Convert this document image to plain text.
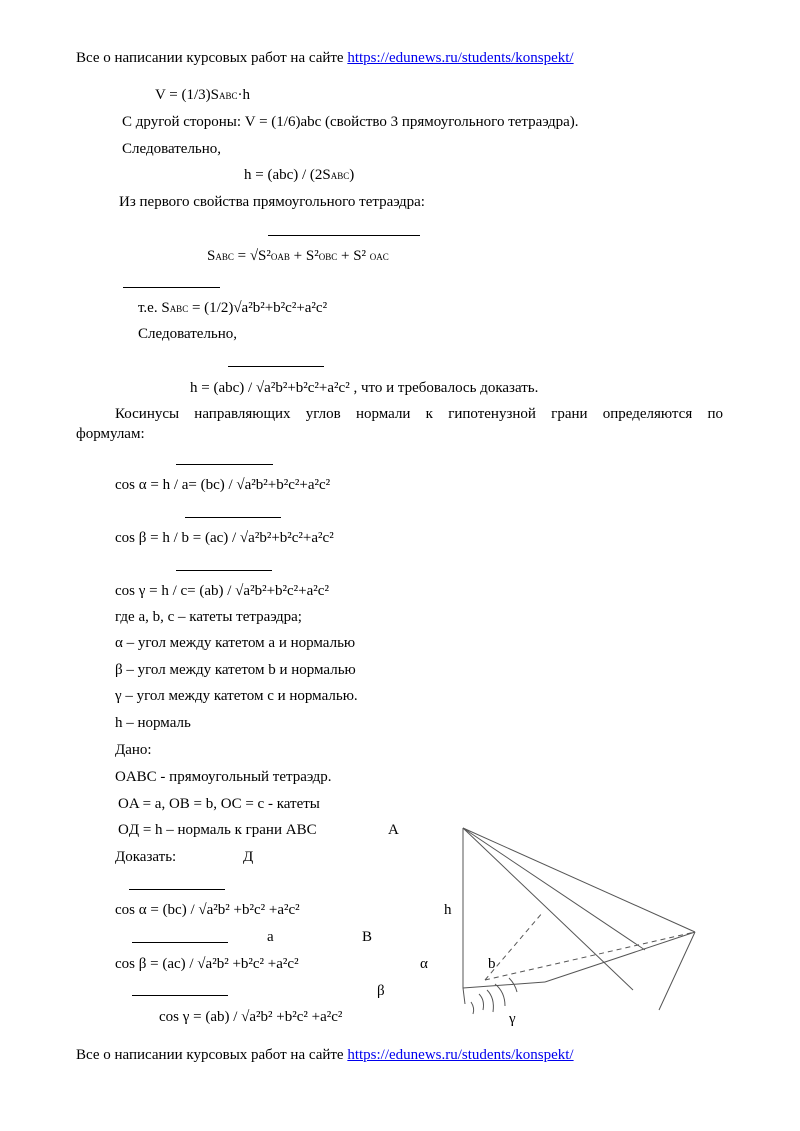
Все о написании курсовых работ на сайте https://edunews.ru/students/konspekt/
V = (1/3)SABC·h
С другой стороны: V = (1/6)abc (свойство 3 прямоугольного тетраэдра).
Следовательно,
h = (abc) / (2SABC)
Из первого свойства прямоугольного тетраэдра:
SABC = √S²OAB + S²OBC + S² OAC
т.е. SABC = (1/2)√a²b²+b²c²+a²c²
Следовательно,
h = (abc) / √a²b²+b²c²+a²c² , что и требовалось доказать.
Косинусы направляющих углов нормали к гипотенузной грани определяются по
формулам:
cos α = h / a= (bc) / √a²b²+b²c²+a²c²
cos β = h / b = (ac) / √a²b²+b²c²+a²c²
cos γ = h / c= (ab) / √a²b²+b²c²+a²c²
где a, b, c – катеты тетраэдра;
α – угол между катетом a и нормалью
β – угол между катетом b и нормалью
γ – угол между катетом c и нормалью.
h – нормаль
Дано:
OABC - прямоугольный тетраэдр.
OA = a, OB = b, OC = c - катеты
OД = h – нормаль к грани ABC
Доказать:
cos α = (bc) / √a²b² +b²c² +a²c²
cos β = (ac) / √a²b² +b²c² +a²c²
cos γ = (ab) / √a²b² +b²c² +a²c²
A
Д
h
a	B
α	b
β
γ
Все о написании курсовых работ на сайте https://edunews.ru/students/konspekt/
